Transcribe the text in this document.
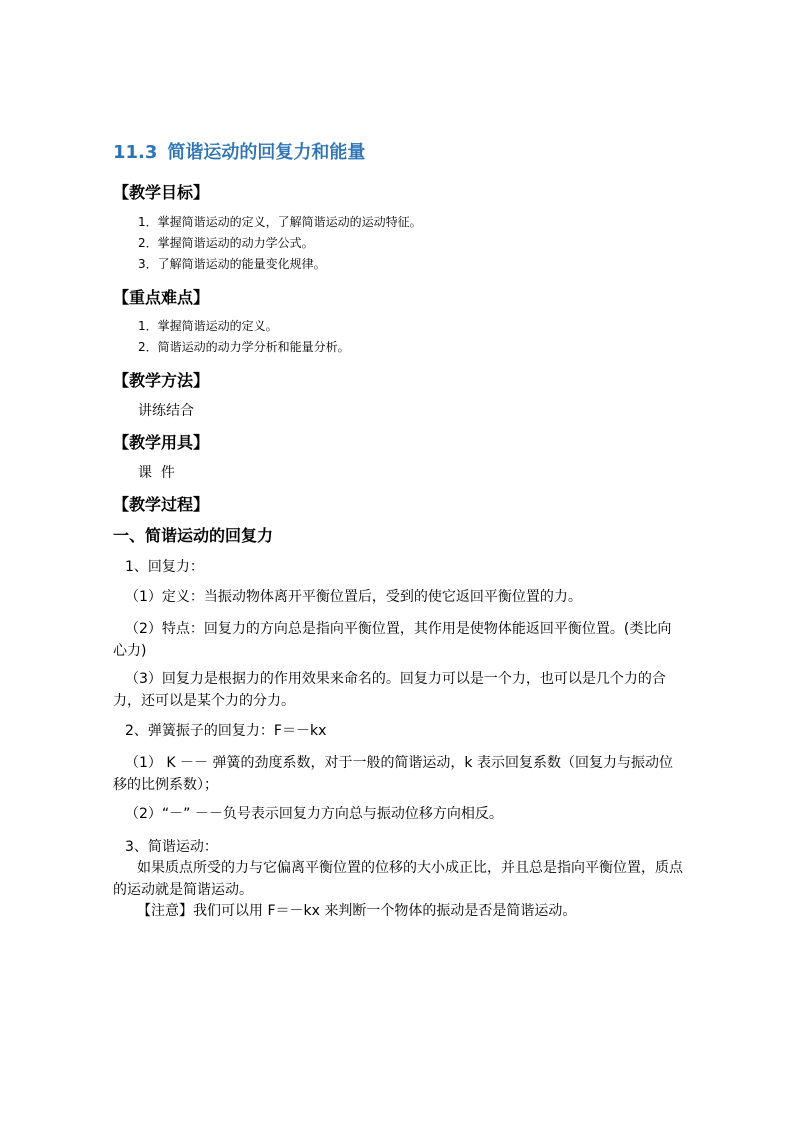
11.3 简谐运动的回复力和能量
【教学目标】
1．掌握简谐运动的定义，了解简谐运动的运动特征。
2．掌握简谐运动的动力学公式。
3．了解简谐运动的能量变化规律。
【重点难点】
1．掌握简谐运动的定义。
2．简谐运动的动力学分析和能量分析。
【教学方法】
讲练结合
【教学用具】
课  件
【教学过程】
一、简谐运动的回复力
1、回复力：
（1）定义：当振动物体离开平衡位置后，受到的使它返回平衡位置的力。
（2）特点：回复力的方向总是指向平衡位置，其作用是使物体能返回平衡位置。(类比向心力)
（3）回复力是根据力的作用效果来命名的。回复力可以是一个力，也可以是几个力的合力，还可以是某个力的分力。
2、弹簧振子的回复力：F＝－kx
（1） K －－ 弹簧的劲度系数，对于一般的简谐运动，k 表示回复系数（回复力与振动位移的比例系数）；
（2）“－” －－负号表示回复力方向总与振动位移方向相反。
3、简谐运动：
如果质点所受的力与它偏离平衡位置的位移的大小成正比，并且总是指向平衡位置，质点的运动就是简谐运动。
【注意】我们可以用 F＝－kx 来判断一个物体的振动是否是简谐运动。
